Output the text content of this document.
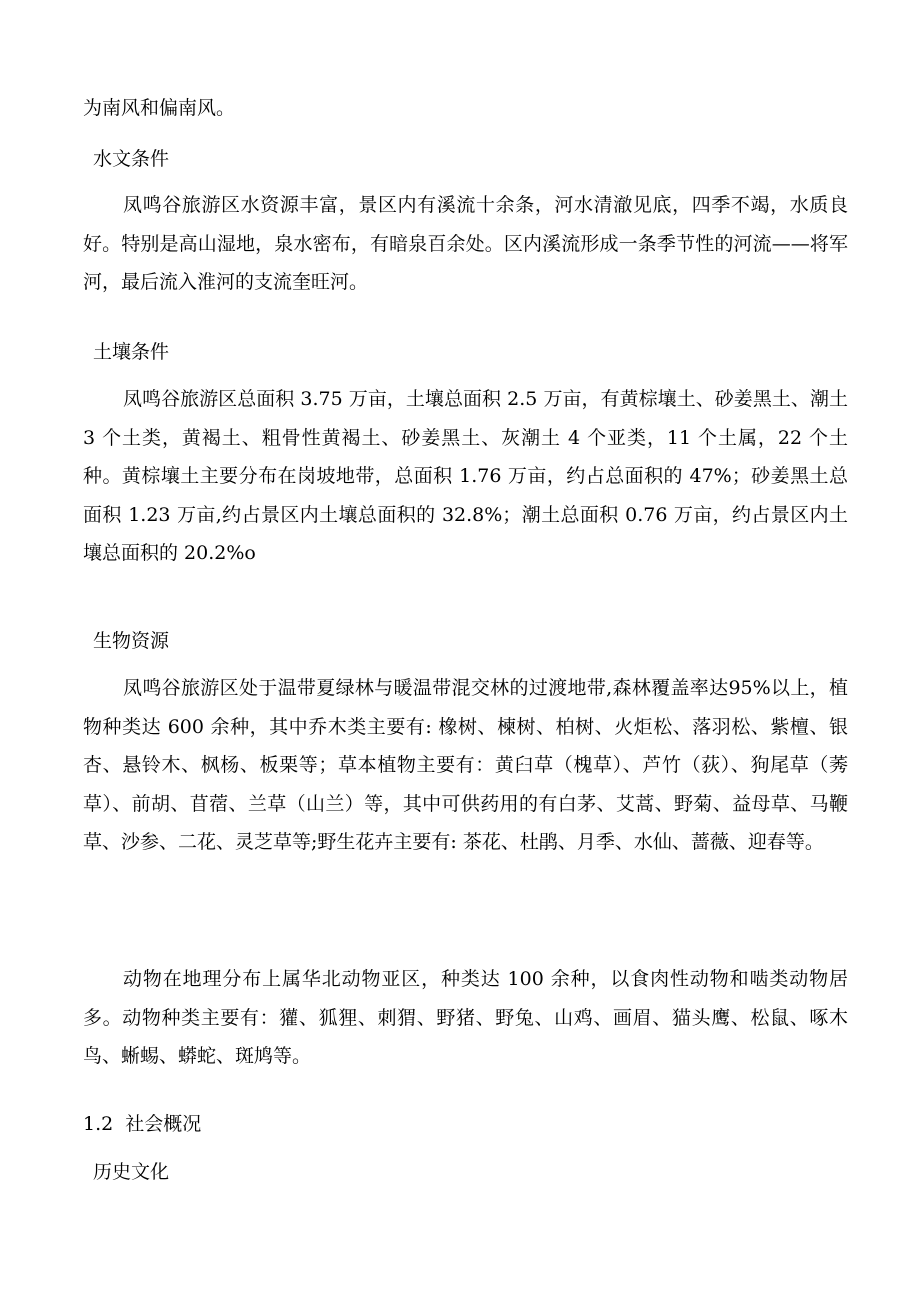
为南风和偏南风。

水文条件

凤鸣谷旅游区水资源丰富，景区内有溪流十余条，河水清澈见底，四季不竭，水质良好。特别是高山湿地，泉水密布，有暗泉百余处。区内溪流形成一条季节性的河流——将军河，最后流入淮河的支流奎旺河。

土壤条件

凤鸣谷旅游区总面积 3.75 万亩，土壤总面积 2.5 万亩，有黄棕壤土、砂姜黑土、潮土 3 个土类，黄褐土、粗骨性黄褐土、砂姜黑土、灰潮土 4 个亚类，11 个土属，22 个土种。黄棕壤土主要分布在岗坡地带，总面积 1.76 万亩，约占总面积的 47%；砂姜黑土总面积 1.23 万亩,约占景区内土壤总面积的 32.8%；潮土总面积 0.76 万亩，约占景区内土壤总面积的 20.2%o

生物资源

凤鸣谷旅游区处于温带夏绿林与暖温带混交林的过渡地带,森林覆盖率达95%以上，植物种类达 600 余种，其中乔木类主要有: 橡树、楝树、柏树、火炬松、落羽松、紫檀、银杏、悬铃木、枫杨、板栗等；草本植物主要有：黄臼草（槐草）、芦竹（荻）、狗尾草（莠草）、前胡、苜蓿、兰草（山兰）等，其中可供药用的有白茅、艾蒿、野菊、益母草、马鞭草、沙参、二花、灵芝草等;野生花卉主要有: 茶花、杜鹃、月季、水仙、蔷薇、迎春等。

动物在地理分布上属华北动物亚区，种类达 100 余种，以食肉性动物和啮类动物居多。动物种类主要有：獾、狐狸、刺猬、野猪、野兔、山鸡、画眉、猫头鹰、松鼠、啄木鸟、蜥蜴、蟒蛇、斑鸠等。

1.2 社会概况

历史文化
